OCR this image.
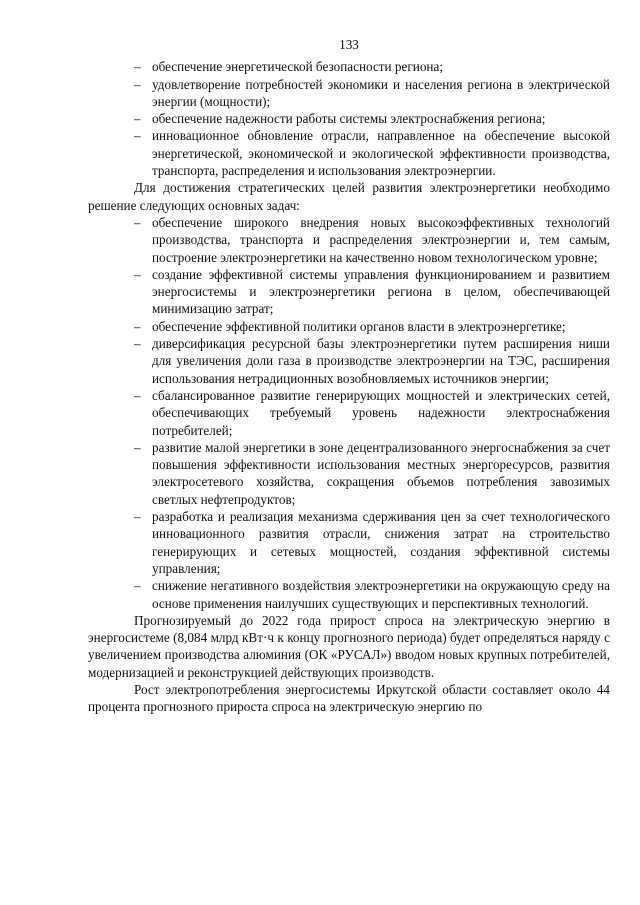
133
– обеспечение энергетической безопасности региона;
– удовлетворение потребностей экономики и населения региона в электрической энергии (мощности);
– обеспечение надежности работы системы электроснабжения региона;
– инновационное обновление отрасли, направленное на обеспечение высокой энергетической, экономической и экологической эффективности производства, транспорта, распределения и использования электроэнергии.

Для достижения стратегических целей развития электроэнергетики необходимо решение следующих основных задач:

– обеспечение широкого внедрения новых высокоэффективных технологий производства, транспорта и распределения электроэнергии и, тем самым, построение электроэнергетики на качественно новом технологическом уровне;
– создание эффективной системы управления функционированием и развитием энергосистемы и электроэнергетики региона в целом, обеспечивающей минимизацию затрат;
– обеспечение эффективной политики органов власти в электроэнергетике;
– диверсификация ресурсной базы электроэнергетики путем расширения ниши для увеличения доли газа в производстве электроэнергии на ТЭС, расширения использования нетрадиционных возобновляемых источников энергии;
– сбалансированное развитие генерирующих мощностей и электрических сетей, обеспечивающих требуемый уровень надежности электроснабжения потребителей;
– развитие малой энергетики в зоне децентрализованного энергоснабжения за счет повышения эффективности использования местных энергоресурсов, развития электросетевого хозяйства, сокращения объемов потребления завозимых светлых нефтепродуктов;
– разработка и реализация механизма сдерживания цен за счет технологического инновационного развития отрасли, снижения затрат на строительство генерирующих и сетевых мощностей, создания эффективной системы управления;
– снижение негативного воздействия электроэнергетики на окружающую среду на основе применения наилучших существующих и перспективных технологий.

Прогнозируемый до 2022 года прирост спроса на электрическую энергию в энергосистеме (8,084 млрд кВт·ч к концу прогнозного периода) будет определяться наряду с увеличением производства алюминия (ОК «РУСАЛ») вводом новых крупных потребителей, модернизацией и реконструкцией действующих производств.

Рост электропотребления энергосистемы Иркутской области составляет около 44 процента прогнозного прироста спроса на электрическую энергию по
